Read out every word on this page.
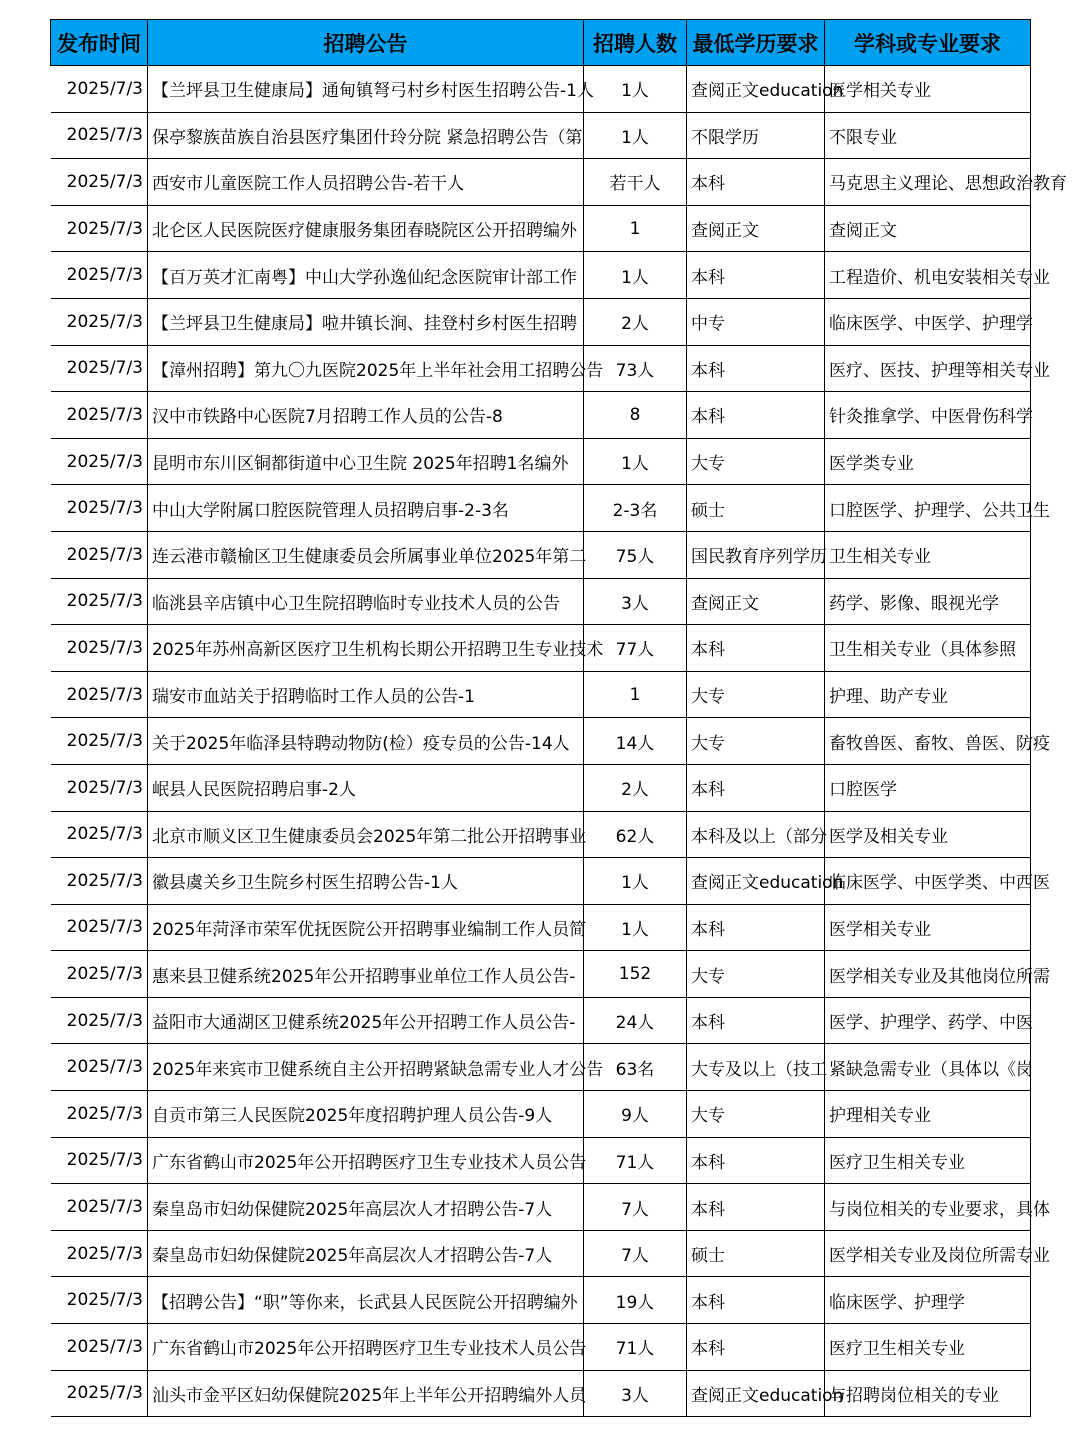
发布时间	招聘公告	招聘人数	最低学历要求	学科或专业要求
2025/7/3	【兰坪县卫生健康局】通甸镇弩弓村乡村医生招聘公告-1人	1人	查阅正文education	医学相关专业
2025/7/3	保亭黎族苗族自治县医疗集团什玲分院 紧急招聘公告（第	1人	不限学历	不限专业
2025/7/3	西安市儿童医院工作人员招聘公告-若干人	若干人	本科	马克思主义理论、思想政治教育
2025/7/3	北仑区人民医院医疗健康服务集团春晓院区公开招聘编外	1	查阅正文	查阅正文
2025/7/3	【百万英才汇南粤】中山大学孙逸仙纪念医院审计部工作	1人	本科	工程造价、机电安装相关专业
2025/7/3	【兰坪县卫生健康局】啦井镇长涧、挂登村乡村医生招聘	2人	中专	临床医学、中医学、护理学
2025/7/3	【漳州招聘】第九〇九医院2025年上半年社会用工招聘公告	73人	本科	医疗、医技、护理等相关专业
2025/7/3	汉中市铁路中心医院7月招聘工作人员的公告-8	8	本科	针灸推拿学、中医骨伤科学
2025/7/3	昆明市东川区铜都街道中心卫生院 2025年招聘1名编外	1人	大专	医学类专业
2025/7/3	中山大学附属口腔医院管理人员招聘启事-2-3名	2-3名	硕士	口腔医学、护理学、公共卫生
2025/7/3	连云港市赣榆区卫生健康委员会所属事业单位2025年第二	75人	国民教育序列学历	卫生相关专业
2025/7/3	临洮县辛店镇中心卫生院招聘临时专业技术人员的公告	3人	查阅正文	药学、影像、眼视光学
2025/7/3	2025年苏州高新区医疗卫生机构长期公开招聘卫生专业技术	77人	本科	卫生相关专业（具体参照
2025/7/3	瑞安市血站关于招聘临时工作人员的公告-1	1	大专	护理、助产专业
2025/7/3	关于2025年临泽县特聘动物防(检）疫专员的公告-14人	14人	大专	畜牧兽医、畜牧、兽医、防疫
2025/7/3	岷县人民医院招聘启事-2人	2人	本科	口腔医学
2025/7/3	北京市顺义区卫生健康委员会2025年第二批公开招聘事业	62人	本科及以上（部分	医学及相关专业
2025/7/3	徽县虞关乡卫生院乡村医生招聘公告-1人	1人	查阅正文education	临床医学、中医学类、中西医
2025/7/3	2025年菏泽市荣军优抚医院公开招聘事业编制工作人员简	1人	本科	医学相关专业
2025/7/3	惠来县卫健系统2025年公开招聘事业单位工作人员公告-	152	大专	医学相关专业及其他岗位所需
2025/7/3	益阳市大通湖区卫健系统2025年公开招聘工作人员公告-	24人	本科	医学、护理学、药学、中医
2025/7/3	2025年来宾市卫健系统自主公开招聘紧缺急需专业人才公告	63名	大专及以上（技工	紧缺急需专业（具体以《岗
2025/7/3	自贡市第三人民医院2025年度招聘护理人员公告-9人	9人	大专	护理相关专业
2025/7/3	广东省鹤山市2025年公开招聘医疗卫生专业技术人员公告	71人	本科	医疗卫生相关专业
2025/7/3	秦皇岛市妇幼保健院2025年高层次人才招聘公告-7人	7人	本科	与岗位相关的专业要求，具体
2025/7/3	秦皇岛市妇幼保健院2025年高层次人才招聘公告-7人	7人	硕士	医学相关专业及岗位所需专业
2025/7/3	【招聘公告】“职”等你来，长武县人民医院公开招聘编外	19人	本科	临床医学、护理学
2025/7/3	广东省鹤山市2025年公开招聘医疗卫生专业技术人员公告	71人	本科	医疗卫生相关专业
2025/7/3	汕头市金平区妇幼保健院2025年上半年公开招聘编外人员	3人	查阅正文education	与招聘岗位相关的专业
